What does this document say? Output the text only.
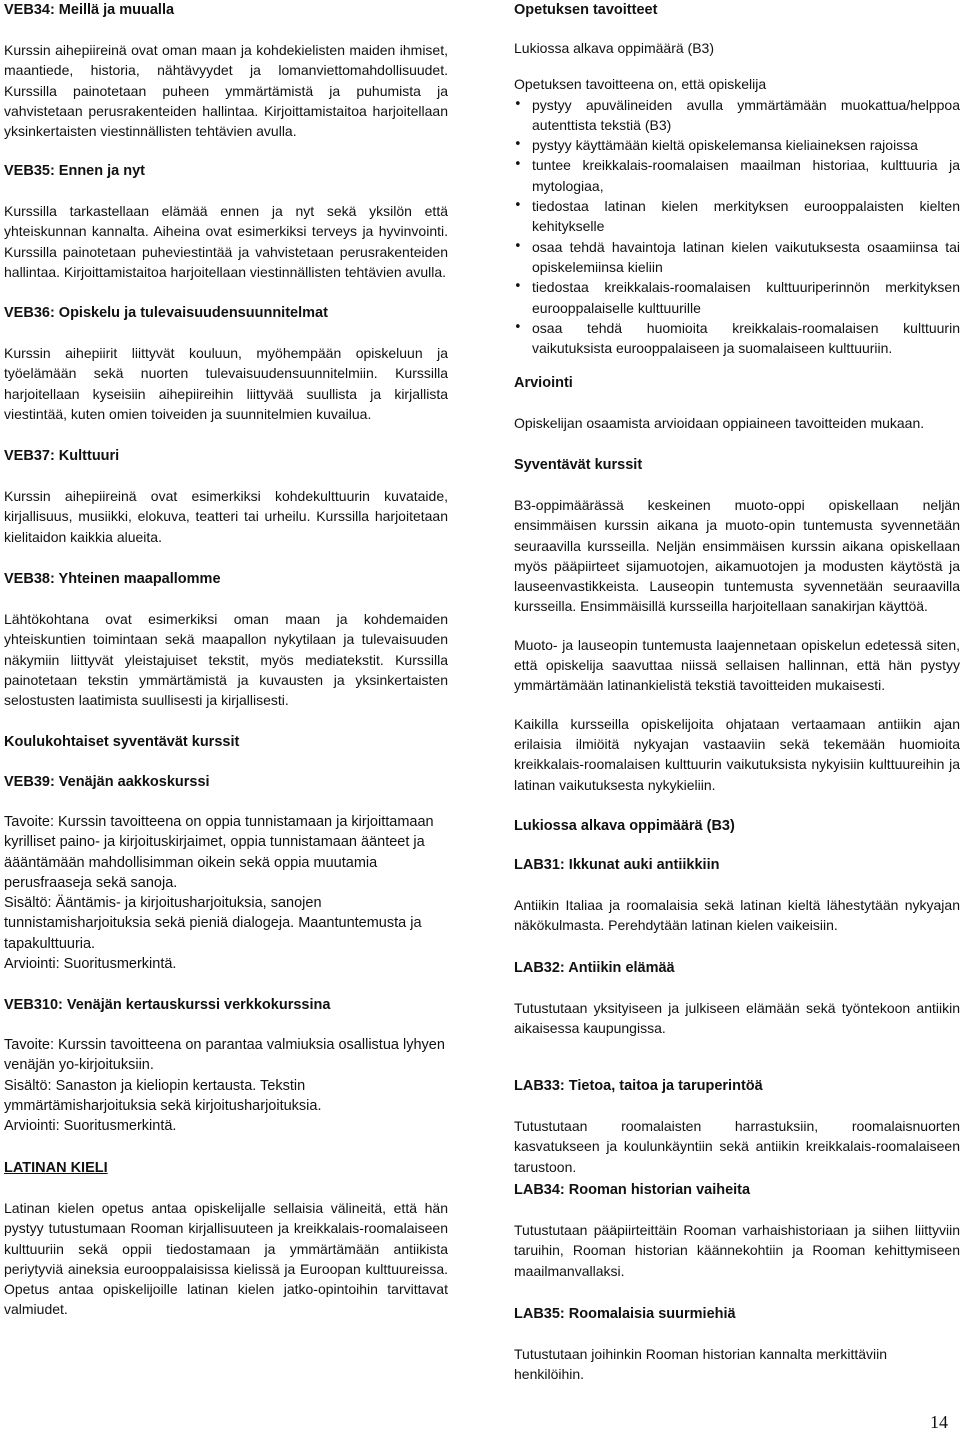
VEB34: Meillä ja muualla

Kurssin aihepiireinä ovat oman maan ja kohdekielisten maiden ihmiset, maantiede, historia, nähtävyydet ja lomanviettomahdollisuudet. Kurssilla painotetaan puheen ymmärtämistä ja puhumista ja vahvistetaan perusrakenteiden hallintaa. Kirjoittamistaitoa harjoitellaan yksinkertaisten viestinnällisten tehtävien avulla.

VEB35: Ennen ja nyt

Kurssilla tarkastellaan elämää ennen ja nyt sekä yksilön että yhteiskunnan kannalta. Aiheina ovat esimerkiksi terveys ja hyvinvointi. Kurssilla painotetaan puheviestintää ja vahvistetaan perusrakenteiden hallintaa. Kirjoittamistaitoa harjoitellaan viestinnällisten tehtävien avulla.

VEB36: Opiskelu ja tulevaisuudensuunnitelmat

Kurssin aihepiirit liittyvät kouluun, myöhempään opiskeluun ja työelämään sekä nuorten tulevaisuudensuunnitelmiin. Kurssilla harjoitellaan kyseisiin aihepiireihin liittyvää suullista ja kirjallista viestintää, kuten omien toiveiden ja suunnitelmien kuvailua.

VEB37: Kulttuuri

Kurssin aihepiireinä ovat esimerkiksi kohdekulttuurin kuvataide, kirjallisuus, musiikki, elokuva, teatteri tai urheilu. Kurssilla harjoitetaan kielitaidon kaikkia alueita.

VEB38: Yhteinen maapallomme

Lähtökohtana ovat esimerkiksi oman maan ja kohdemaiden yhteiskuntien toimintaan sekä maapallon nykytilaan ja tulevaisuuden näkymiin liittyvät yleistajuiset tekstit, myös mediatekstit. Kurssilla painotetaan tekstin ymmärtämistä ja kuvausten ja yksinkertaisten selostusten laatimista suullisesti ja kirjallisesti.

Koulukohtaiset syventävät kurssit
VEB39: Venäjän aakkoskurssi

Tavoite: Kurssin tavoitteena on oppia tunnistamaan ja kirjoittamaan kyrilliset paino- ja kirjoituskirjaimet, oppia tunnistamaan äänteet ja äääntämään mahdollisimman oikein sekä oppia muutamia perusfraaseja sekä sanoja.

Sisältö: Ääntämis- ja kirjoitusharjoituksia, sanojen tunnistamisharjoituksia sekä pieniä dialogeja. Maantuntemusta ja tapakulttuuria.

Arviointi: Suoritusmerkintä.

VEB310: Venäjän kertauskurssi verkkokurssina

Tavoite: Kurssin tavoitteena on parantaa valmiuksia osallistua lyhyen venäjän yo-kirjoituksiin.

Sisältö: Sanaston ja kieliopin kertausta. Tekstin ymmärtämisharjoituksia sekä kirjoitusharjoituksia.

Arviointi: Suoritusmerkintä.

LATINAN KIELI

Latinan kielen opetus antaa opiskelijalle sellaisia välineitä, että hän pystyy tutustumaan Rooman kirjallisuuteen ja kreikkalais-roomalaiseen kulttuuriin sekä oppii tiedostamaan ja ymmärtämään antiikista periytyviä aineksia eurooppalaisissa kielissä ja Euroopan kulttuureissa. Opetus antaa opiskelijoille latinan kielen jatko-opintoihin tarvittavat valmiudet.

Opetuksen tavoitteet

Lukiossa alkava oppimäärä (B3)

Opetuksen tavoitteena on, että opiskelija

• pystyy apuvälineiden avulla ymmärtämään muokattua/helppoa autenttista tekstiä (B3)
• pystyy käyttämään kieltä opiskelemansa kieliaineksen rajoissa
• tuntee kreikkalais-roomalaisen maailman historiaa, kulttuuria ja mytologiaa,
• tiedostaa latinan kielen merkityksen eurooppalaisten kielten kehitykselle
• osaa tehdä havaintoja latinan kielen vaikutuksesta osaamiinsa tai opiskelemiinsa kieliin
• tiedostaa kreikkalais-roomalaisen kulttuuriperinnön merkityksen eurooppalaiselle kulttuurille
• osaa tehdä huomioita kreikkalais-roomalaisen kulttuurin vaikutuksista eurooppalaiseen ja suomalaiseen kulttuuriin.
Arviointi

Opiskelijan osaamista arvioidaan oppiaineen tavoitteiden mukaan.

Syventävät kurssit

B3-oppimäärässä keskeinen muoto-oppi opiskellaan neljän ensimmäisen kurssin aikana ja muoto-opin tuntemusta syvennetään seuraavilla kursseilla. Neljän ensimmäisen kurssin aikana opiskellaan myös pääpiirteet sijamuotojen, aikamuotojen ja modusten käytöstä ja lauseenvastikkeista. Lauseopin tuntemusta syvennetään seuraavilla kursseilla. Ensimmäisillä kursseilla harjoitellaan sanakirjan käyttöä.

Muoto- ja lauseopin tuntemusta laajennetaan opiskelun edetessä siten, että opiskelija saavuttaa niissä sellaisen hallinnan, että hän pystyy ymmärtämään latinankielistä tekstiä tavoitteiden mukaisesti.

Kaikilla kursseilla opiskelijoita ohjataan vertaamaan antiikin ajan erilaisia ilmiöitä nykyajan vastaaviin sekä tekemään huomioita kreikkalais-roomalaisen kulttuurin vaikutuksista nykyisiin kulttuureihin ja latinan vaikutuksesta nykykieliin.

Lukiossa alkava oppimäärä (B3)
LAB31: Ikkunat auki antiikkiin

Antiikin Italiaa ja roomalaisia sekä latinan kieltä lähestytään nykyajan näkökulmasta. Perehdytään latinan kielen vaikeisiin.

LAB32: Antiikin elämää

Tutustutaan yksityiseen ja julkiseen elämään sekä työntekoon antiikin aikaisessa kaupungissa.

LAB33: Tietoa, taitoa ja taruperintöä

Tutustutaan roomalaisten harrastuksiin, roomalaisnuorten kasvatukseen ja koulunkäyntiin sekä antiikin kreikkalais-roomalaiseen tarustoon.

LAB34: Rooman historian vaiheita

Tutustutaan pääpiirteittäin Rooman varhaishistoriaan ja siihen liittyviin taruihin, Rooman historian käännekohtiin ja Rooman kehittymiseen maailmanvallaksi.

LAB35: Roomalaisia suurmiehiä

Tutustutaan joihinkin Rooman historian kannalta merkittäviin henkilöihin.

14
